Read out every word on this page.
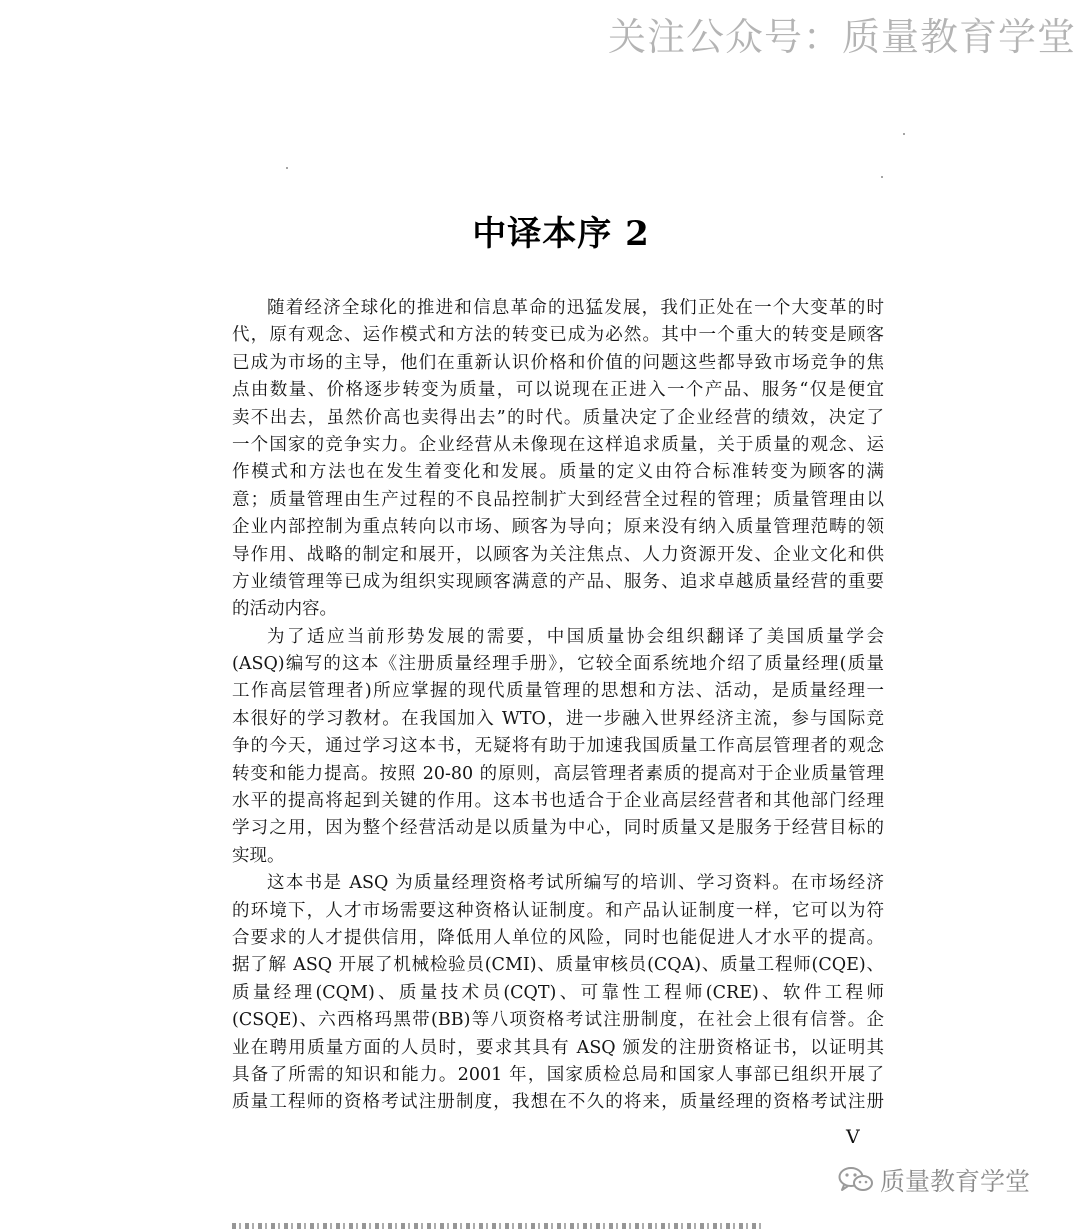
关注公众号：质量教育学堂
中译本序 2
随着经济全球化的推进和信息革命的迅猛发展，我们正处在一个大变革的时
代，原有观念、运作模式和方法的转变已成为必然。其中一个重大的转变是顾客
已成为市场的主导，他们在重新认识价格和价值的问题这些都导致市场竞争的焦
点由数量、价格逐步转变为质量，可以说现在正进入一个产品、服务“仅是便宜
卖不出去，虽然价高也卖得出去”的时代。质量决定了企业经营的绩效，决定了
一个国家的竞争实力。企业经营从未像现在这样追求质量，关于质量的观念、运
作模式和方法也在发生着变化和发展。质量的定义由符合标准转变为顾客的满
意；质量管理由生产过程的不良品控制扩大到经营全过程的管理；质量管理由以
企业内部控制为重点转向以市场、顾客为导向；原来没有纳入质量管理范畴的领
导作用、战略的制定和展开，以顾客为关注焦点、人力资源开发、企业文化和供
方业绩管理等已成为组织实现顾客满意的产品、服务、追求卓越质量经营的重要
的活动内容。
为了适应当前形势发展的需要，中国质量协会组织翻译了美国质量学会
(ASQ)编写的这本《注册质量经理手册》，它较全面系统地介绍了质量经理(质量
工作高层管理者)所应掌握的现代质量管理的思想和方法、活动，是质量经理一
本很好的学习教材。在我国加入 WTO，进一步融入世界经济主流，参与国际竞
争的今天，通过学习这本书，无疑将有助于加速我国质量工作高层管理者的观念
转变和能力提高。按照 20-80 的原则，高层管理者素质的提高对于企业质量管理
水平的提高将起到关键的作用。这本书也适合于企业高层经营者和其他部门经理
学习之用，因为整个经营活动是以质量为中心，同时质量又是服务于经营目标的
实现。
这本书是 ASQ 为质量经理资格考试所编写的培训、学习资料。在市场经济
的环境下，人才市场需要这种资格认证制度。和产品认证制度一样，它可以为符
合要求的人才提供信用，降低用人单位的风险，同时也能促进人才水平的提高。
据了解 ASQ 开展了机械检验员(CMI)、质量审核员(CQA)、质量工程师(CQE)、
质量经理(CQM)、质量技术员(CQT)、可靠性工程师(CRE)、软件工程师
(CSQE)、六西格玛黑带(BB)等八项资格考试注册制度，在社会上很有信誉。企
业在聘用质量方面的人员时，要求其具有 ASQ 颁发的注册资格证书，以证明其
具备了所需的知识和能力。2001 年，国家质检总局和国家人事部已组织开展了
质量工程师的资格考试注册制度，我想在不久的将来，质量经理的资格考试注册
V
质量教育学堂
